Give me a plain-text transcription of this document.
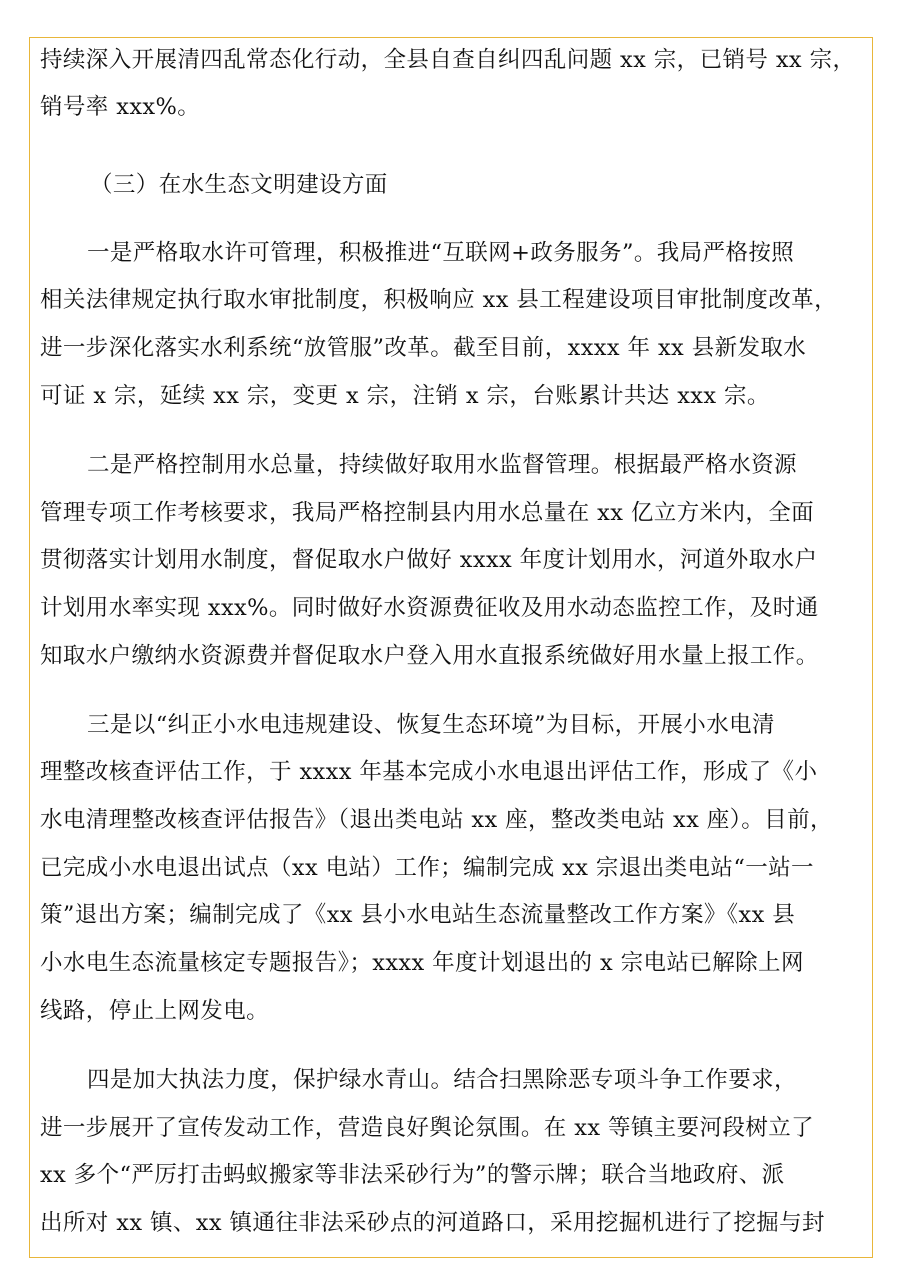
持续深入开展清四乱常态化行动，全县自查自纠四乱问题 xx 宗，已销号 xx 宗，
销号率 xxx%。
（三）在水生态文明建设方面
一是严格取水许可管理，积极推进“互联网+政务服务”。我局严格按照
相关法律规定执行取水审批制度，积极响应 xx 县工程建设项目审批制度改革，
进一步深化落实水利系统“放管服”改革。截至目前，xxxx 年 xx 县新发取水
可证 x 宗，延续 xx 宗，变更 x 宗，注销 x 宗，台账累计共达 xxx 宗。
二是严格控制用水总量，持续做好取用水监督管理。根据最严格水资源
管理专项工作考核要求，我局严格控制县内用水总量在 xx 亿立方米内，全面
贯彻落实计划用水制度，督促取水户做好 xxxx 年度计划用水，河道外取水户
计划用水率实现 xxx%。同时做好水资源费征收及用水动态监控工作，及时通
知取水户缴纳水资源费并督促取水户登入用水直报系统做好用水量上报工作。
三是以“纠正小水电违规建设、恢复生态环境”为目标，开展小水电清
理整改核查评估工作，于 xxxx 年基本完成小水电退出评估工作，形成了《小
水电清理整改核查评估报告》（退出类电站 xx 座，整改类电站 xx 座）。目前，
已完成小水电退出试点（xx 电站）工作；编制完成 xx 宗退出类电站“一站一
策”退出方案；编制完成了《xx 县小水电站生态流量整改工作方案》《xx 县
小水电生态流量核定专题报告》；xxxx 年度计划退出的 x 宗电站已解除上网
线路，停止上网发电。
四是加大执法力度，保护绿水青山。结合扫黑除恶专项斗争工作要求，
进一步展开了宣传发动工作，营造良好舆论氛围。在 xx 等镇主要河段树立了
xx 多个“严厉打击蚂蚁搬家等非法采砂行为”的警示牌；联合当地政府、派
出所对 xx 镇、xx 镇通往非法采砂点的河道路口，采用挖掘机进行了挖掘与封
